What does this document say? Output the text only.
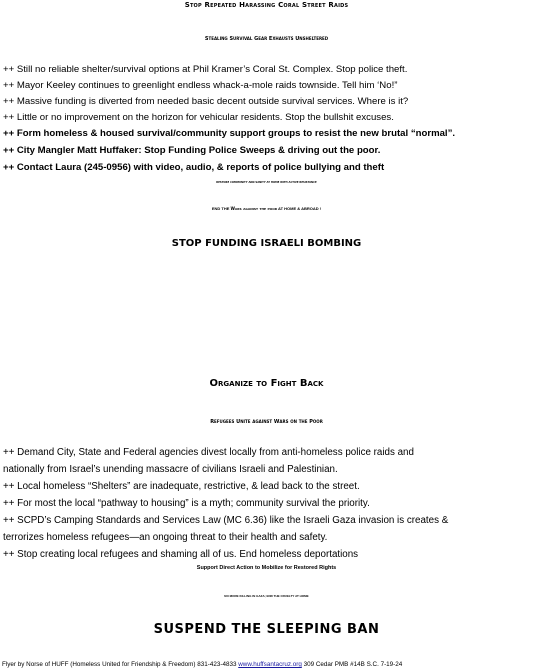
Stop Repeated Harassing Coral Street Raids
Stealing Survival Gear Exhausts Unsheltered
++ Still no reliable shelter/survival options at Phil Kramer’s Coral St. Complex. Stop police theft.
++ Mayor Keeley continues to greenlight endless whack-a-mole raids townside. Tell him ‘No!”
++ Massive funding is diverted from needed basic decent outside survival services. Where is it?
++ Little or no improvement on the horizon for vehicular residents. Stop the bullshit excuses.
++ Form homeless & housed survival/community support groups to resist the new brutal “normal”.
++ City Mangler Matt Huffaker: Stop Funding Police Sweeps & driving out the poor.
++ Contact Laura (245-0956) with video, audio, & reports of police bullying and theft
RESTORE COMMUNITY AND SANITY AT HOME WITH ACTIVE RESISTANCE
END THE Wars against the poor AT HOME & ABROAD !
STOP FUNDING ISRAELI BOMBING
Organize to Fight Back
Refugees Unite against Wars on the Poor
++ Demand City, State and Federal agencies divest locally from anti-homeless police raids and
nationally from Israel’s unending massacre of civilians Israeli and Palestinian.
++ Local homeless “Shelters” are inadequate, restrictive, & lead back to the street.
++ For most the local “pathway to housing” is a myth; community survival the priority.
++ SCPD’s Camping Standards and Services Law (MC 6.36) like the Israeli Gaza invasion is creates &
terrorizes homeless refugees—an ongoing threat to their health and safety.
++ Stop creating local refugees and shaming all of us. End homeless deportations
Support Direct Action to Mobilize for Restored Rights
NO MORE KILLING IN GAZA; END THE CRUELTY AT HOME
SUSPEND THE SLEEPING BAN
Flyer by Norse of HUFF (Homeless United for Friendship & Freedom) 831-423-4833 www.huffsantacruz.org 309 Cedar PMB #14B S.C. 7-19-24
